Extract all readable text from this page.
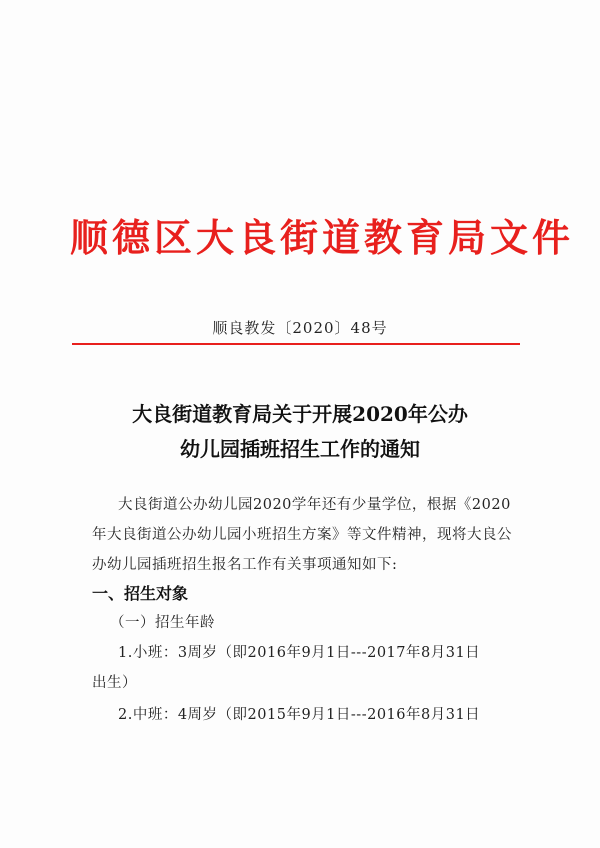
顺德区大良街道教育局文件
顺良教发〔2020〕48号
大良街道教育局关于开展2020年公办
幼儿园插班招生工作的通知
大良街道公办幼儿园2020学年还有少量学位，根据《2020
年大良街道公办幼儿园小班招生方案》等文件精神，现将大良公
办幼儿园插班招生报名工作有关事项通知如下:
一、招生对象
（一）招生年龄
1.小班：3周岁（即2016年9月1日---2017年8月31日
出生）
2.中班：4周岁（即2015年9月1日---2016年8月31日
